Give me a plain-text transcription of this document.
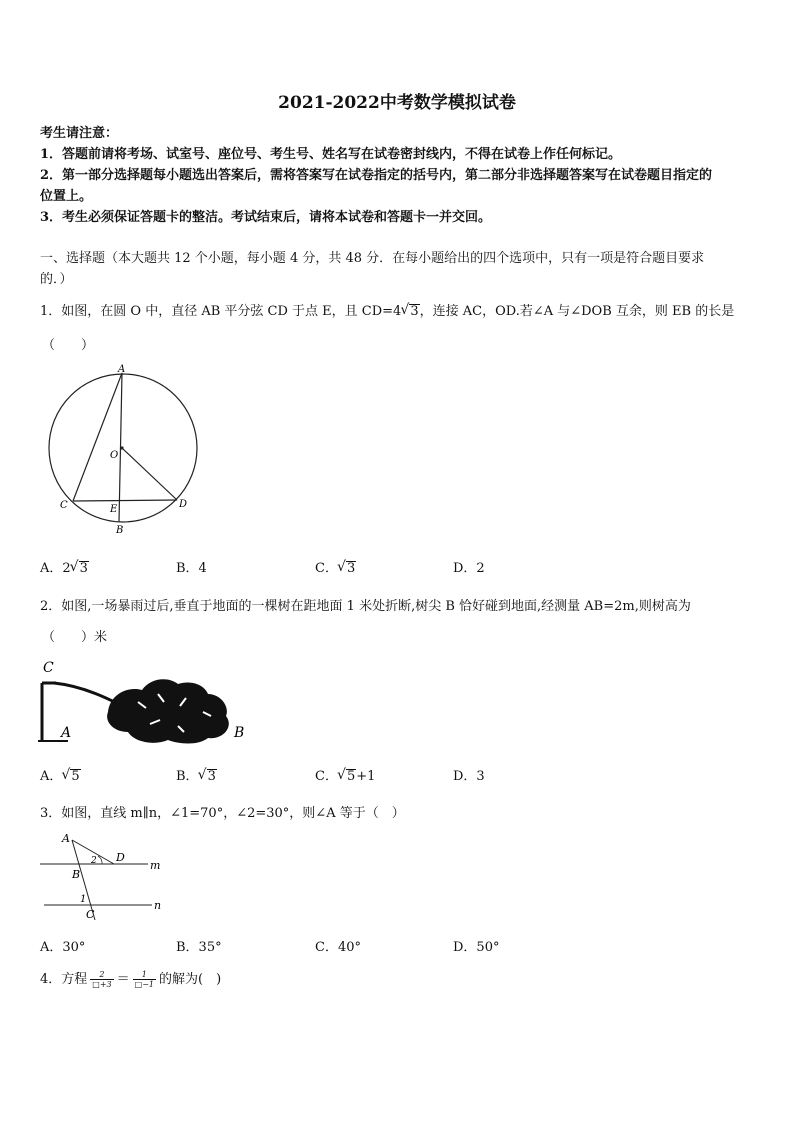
2021-2022中考数学模拟试卷
考生请注意：
1．答题前请将考场、试室号、座位号、考生号、姓名写在试卷密封线内，不得在试卷上作任何标记。
2．第一部分选择题每小题选出答案后，需将答案写在试卷指定的括号内，第二部分非选择题答案写在试卷题目指定的
位置上。
3．考生必须保证答题卡的整洁。考试结束后，请将本试卷和答题卡一并交回。
一、选择题（本大题共 12 个小题，每小题 4 分，共 48 分．在每小题给出的四个选项中，只有一项是符合题目要求
的．）
1．如图，在圆 O 中，直径 AB 平分弦 CD 于点 E，且 CD=4 √ 3，连接 AC，OD.若∠A 与∠DOB 互余，则 EB 的长是
（　　）
A
O
C	E	D
B
A．2 √ 3	B．4	C． √ 3	D．2
2．如图,一场暴雨过后,垂直于地面的一棵树在距地面 1 米处折断,树尖 B 恰好碰到地面,经测量 AB=2m,则树高为
（　　）米
C
A	B
A． √ 5	B． √ 3	C． √ 5+1	D．3
3．如图，直线 m∥n，∠1=70°，∠2=30°，则∠A 等于（　）
A
D
m
B
2
1
C
n
A．30°	B．35°	C．40°	D．50°
4．方程 $\frac{2}{□+3} = \frac{1}{□-1}$ 的解为(　)
